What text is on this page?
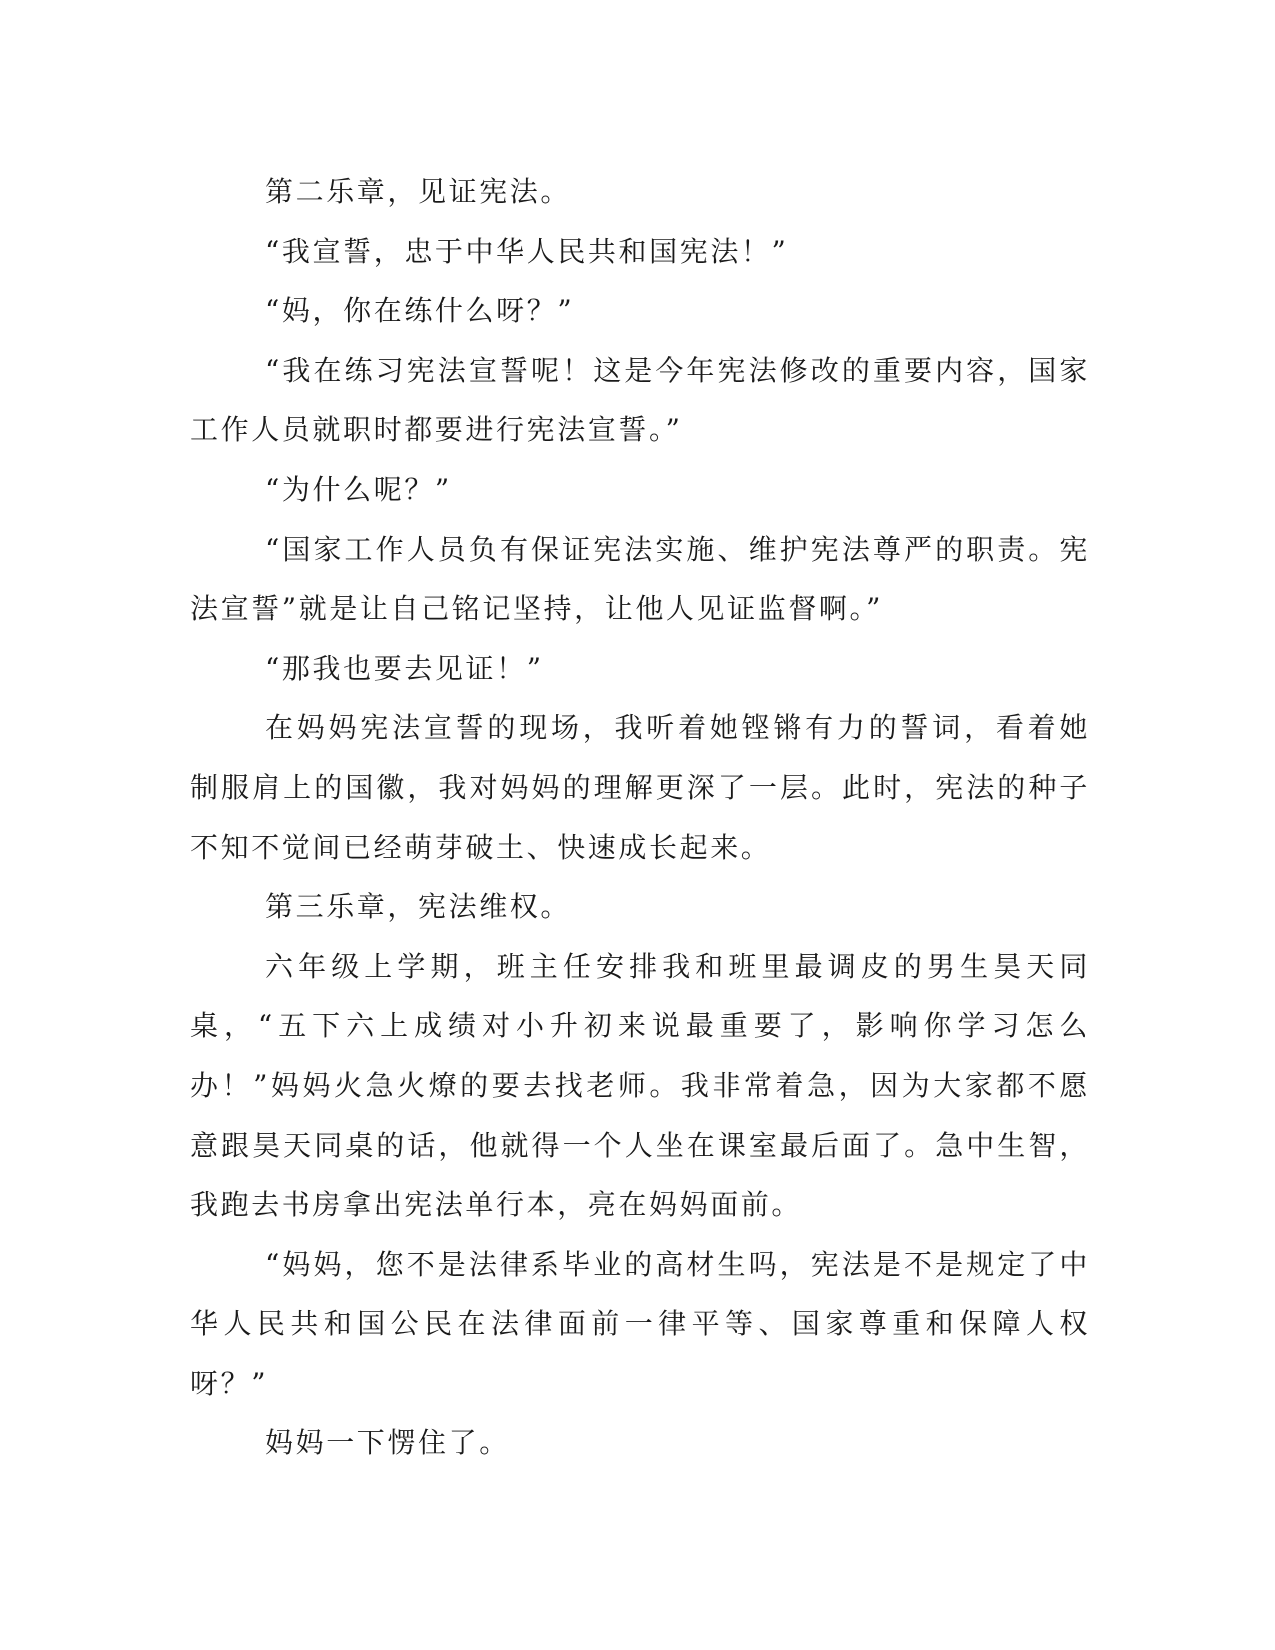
第二乐章，见证宪法。

“我宣誓，忠于中华人民共和国宪法！”

“妈，你在练什么呀？”

“我在练习宪法宣誓呢！这是今年宪法修改的重要内容，国家工作人员就职时都要进行宪法宣誓。”

“为什么呢？”

“国家工作人员负有保证宪法实施、维护宪法尊严的职责。宪法宣誓”就是让自己铭记坚持，让他人见证监督啊。”

“那我也要去见证！”

在妈妈宪法宣誓的现场，我听着她铿锵有力的誓词，看着她制服肩上的国徽，我对妈妈的理解更深了一层。此时，宪法的种子不知不觉间已经萌芽破土、快速成长起来。

第三乐章，宪法维权。

六年级上学期，班主任安排我和班里最调皮的男生昊天同桌，“五下六上成绩对小升初来说最重要了，影响你学习怎么办！”妈妈火急火燎的要去找老师。我非常着急，因为大家都不愿意跟昊天同桌的话，他就得一个人坐在课室最后面了。急中生智，我跑去书房拿出宪法单行本，亮在妈妈面前。

“妈妈，您不是法律系毕业的高材生吗，宪法是不是规定了中华人民共和国公民在法律面前一律平等、国家尊重和保障人权呀？”

妈妈一下愣住了。
